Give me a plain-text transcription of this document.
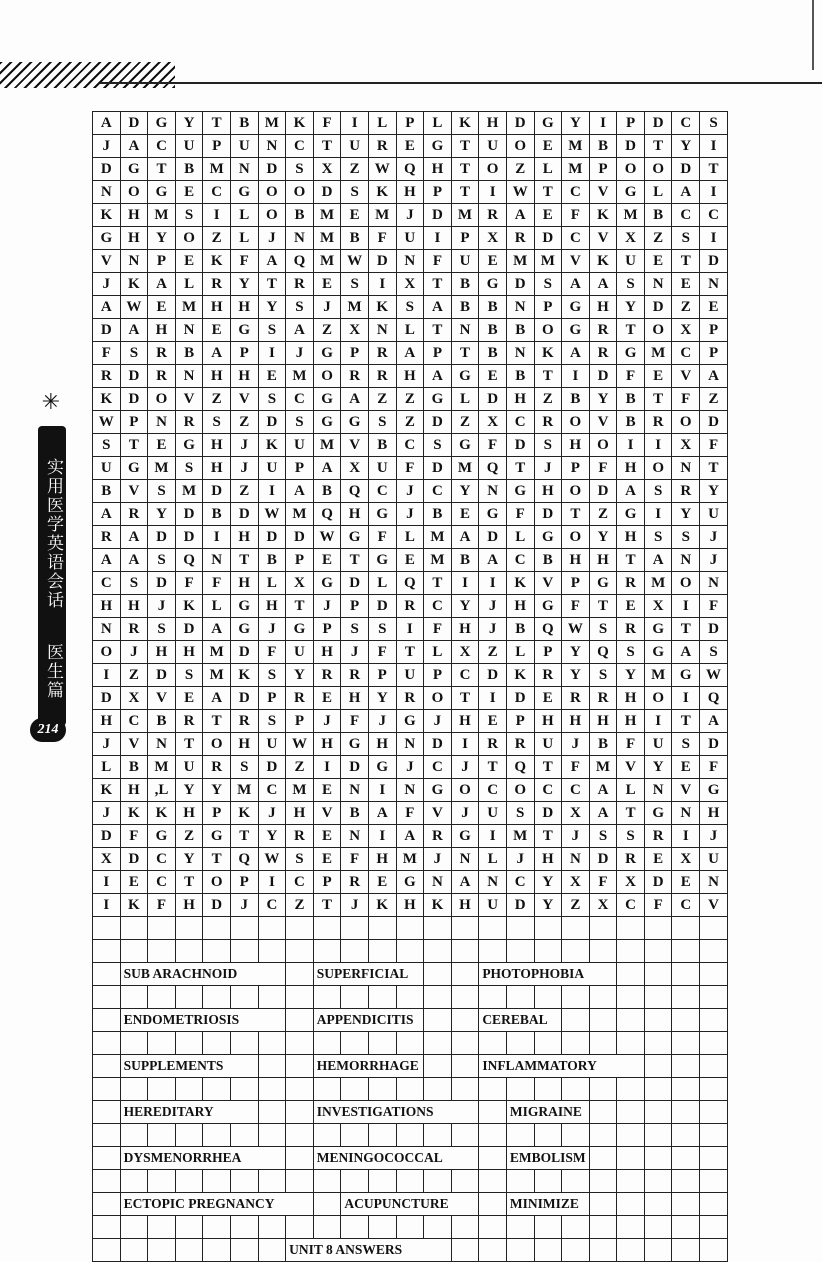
✳
实用医学英语会话  医生篇
214
A	D	G	Y	T	B	M	K	F	I	L	P	L	K	H	D	G	Y	I	P	D	C	S
J	A	C	U	P	U	N	C	T	U	R	E	G	T	U	O	E	M	B	D	T	Y	I
D	G	T	B	M	N	D	S	X	Z	W	Q	H	T	O	Z	L	M	P	O	O	D	T
N	O	G	E	C	G	O	O	D	S	K	H	P	T	I	W	T	C	V	G	L	A	I
K	H	M	S	I	L	O	B	M	E	M	J	D	M	R	A	E	F	K	M	B	C	C
G	H	Y	O	Z	L	J	N	M	B	F	U	I	P	X	R	D	C	V	X	Z	S	I
V	N	P	E	K	F	A	Q	M	W	D	N	F	U	E	M	M	V	K	U	E	T	D
J	K	A	L	R	Y	T	R	E	S	I	X	T	B	G	D	S	A	A	S	N	E	N
A	W	E	M	H	H	Y	S	J	M	K	S	A	B	B	N	P	G	H	Y	D	Z	E
D	A	H	N	E	G	S	A	Z	X	N	L	T	N	B	B	O	G	R	T	O	X	P
F	S	R	B	A	P	I	J	G	P	R	A	P	T	B	N	K	A	R	G	M	C	P
R	D	R	N	H	H	E	M	O	R	R	H	A	G	E	B	T	I	D	F	E	V	A
K	D	O	V	Z	V	S	C	G	A	Z	Z	G	L	D	H	Z	B	Y	B	T	F	Z
W	P	N	R	S	Z	D	S	G	G	S	Z	D	Z	X	C	R	O	V	B	R	O	D
S	T	E	G	H	J	K	U	M	V	B	C	S	G	F	D	S	H	O	I	I	X	F
U	G	M	S	H	J	U	P	A	X	U	F	D	M	Q	T	J	P	F	H	O	N	T
B	V	S	M	D	Z	I	A	B	Q	C	J	C	Y	N	G	H	O	D	A	S	R	Y
A	R	Y	D	B	D	W	M	Q	H	G	J	B	E	G	F	D	T	Z	G	I	Y	U
R	A	D	D	I	H	D	D	W	G	F	L	M	A	D	L	G	O	Y	H	S	S	J
A	A	S	Q	N	T	B	P	E	T	G	E	M	B	A	C	B	H	H	T	A	N	J
C	S	D	F	F	H	L	X	G	D	L	Q	T	I	I	K	V	P	G	R	M	O	N
H	H	J	K	L	G	H	T	J	P	D	R	C	Y	J	H	G	F	T	E	X	I	F
N	R	S	D	A	G	J	G	P	S	S	I	F	H	J	B	Q	W	S	R	G	T	D
O	J	H	H	M	D	F	U	H	J	F	T	L	X	Z	L	P	Y	Q	S	G	A	S
I	Z	D	S	M	K	S	Y	R	R	P	U	P	C	D	K	R	Y	S	Y	M	G	W
D	X	V	E	A	D	P	R	E	H	Y	R	O	T	I	D	E	R	R	H	O	I	Q
H	C	B	R	T	R	S	P	J	F	J	G	J	H	E	P	H	H	H	H	I	T	A
J	V	N	T	O	H	U	W	H	G	H	N	D	I	R	R	U	J	B	F	U	S	D
L	B	M	U	R	S	D	Z	I	D	G	J	C	J	T	Q	T	F	M	V	Y	E	F
K	H	,L	Y	Y	M	C	M	E	N	I	N	G	O	C	O	C	C	A	L	N	V	G
J	K	K	H	P	K	J	H	V	B	A	F	V	J	U	S	D	X	A	T	G	N	H
D	F	G	Z	G	T	Y	R	E	N	I	A	R	G	I	M	T	J	S	S	R	I	J
X	D	C	Y	T	Q	W	S	E	F	H	M	J	N	L	J	H	N	D	R	E	X	U
I	E	C	T	O	P	I	C	P	R	E	G	N	A	N	C	Y	X	F	X	D	E	N
I	K	F	H	D	J	C	Z	T	J	K	H	K	H	U	D	Y	Z	X	C	F	C	V

	SUB ARACHNOID							SUPERFICIAL						PHOTOPHOBIA								

	ENDOMETRIOSIS							APPENDICITIS						CEREBAL								

	SUPPLEMENTS							HEMORRHAGE						INFLAMMATORY								

	HEREDITARY							INVESTIGATIONS							MIGRAINE							

	DYSMENORRHEA							MENINGOCOCCAL							EMBOLISM							

	ECTOPIC PREGNANCY								ACUPUNCTURE						MINIMIZE							

							UNIT 8 ANSWERS															
